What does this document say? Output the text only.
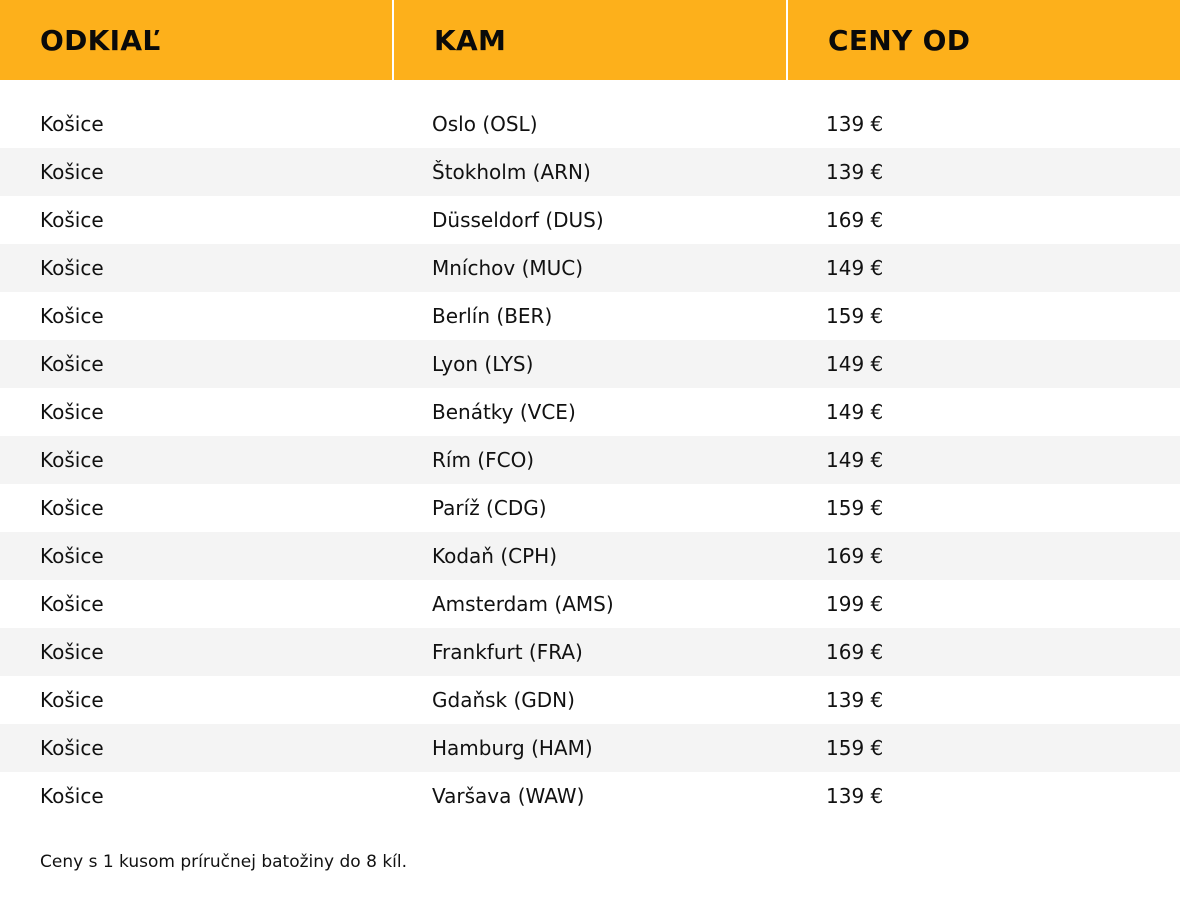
ODKIAĽ	KAM	CENY OD
Košice	Oslo (OSL)	139 €
Košice	Štokholm (ARN)	139 €
Košice	Düsseldorf (DUS)	169 €
Košice	Mníchov (MUC)	149 €
Košice	Berlín (BER)	159 €
Košice	Lyon (LYS)	149 €
Košice	Benátky (VCE)	149 €
Košice	Rím (FCO)	149 €
Košice	Paríž (CDG)	159 €
Košice	Kodaň (CPH)	169 €
Košice	Amsterdam (AMS)	199 €
Košice	Frankfurt (FRA)	169 €
Košice	Gdaňsk (GDN)	139 €
Košice	Hamburg (HAM)	159 €
Košice	Varšava (WAW)	139 €
Ceny s 1 kusom príručnej batožiny do 8 kíl.
